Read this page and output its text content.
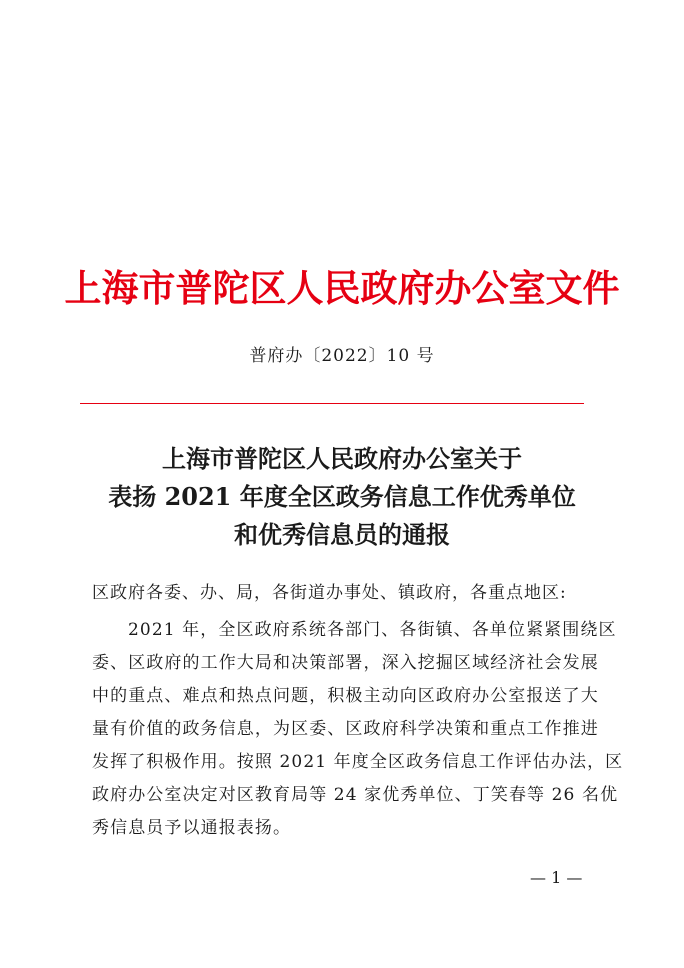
上海市普陀区人民政府办公室文件
普府办〔2022〕10 号
上海市普陀区人民政府办公室关于
表扬 2021 年度全区政务信息工作优秀单位
和优秀信息员的通报
区政府各委、办、局，各街道办事处、镇政府，各重点地区:
2021 年，全区政府系统各部门、各街镇、各单位紧紧围绕区
委、区政府的工作大局和决策部署，深入挖掘区域经济社会发展
中的重点、难点和热点问题，积极主动向区政府办公室报送了大
量有价值的政务信息，为区委、区政府科学决策和重点工作推进
发挥了积极作用。按照 2021 年度全区政务信息工作评估办法，区
政府办公室决定对区教育局等 24 家优秀单位、丁笑春等 26 名优
秀信息员予以通报表扬。
— 1 —
